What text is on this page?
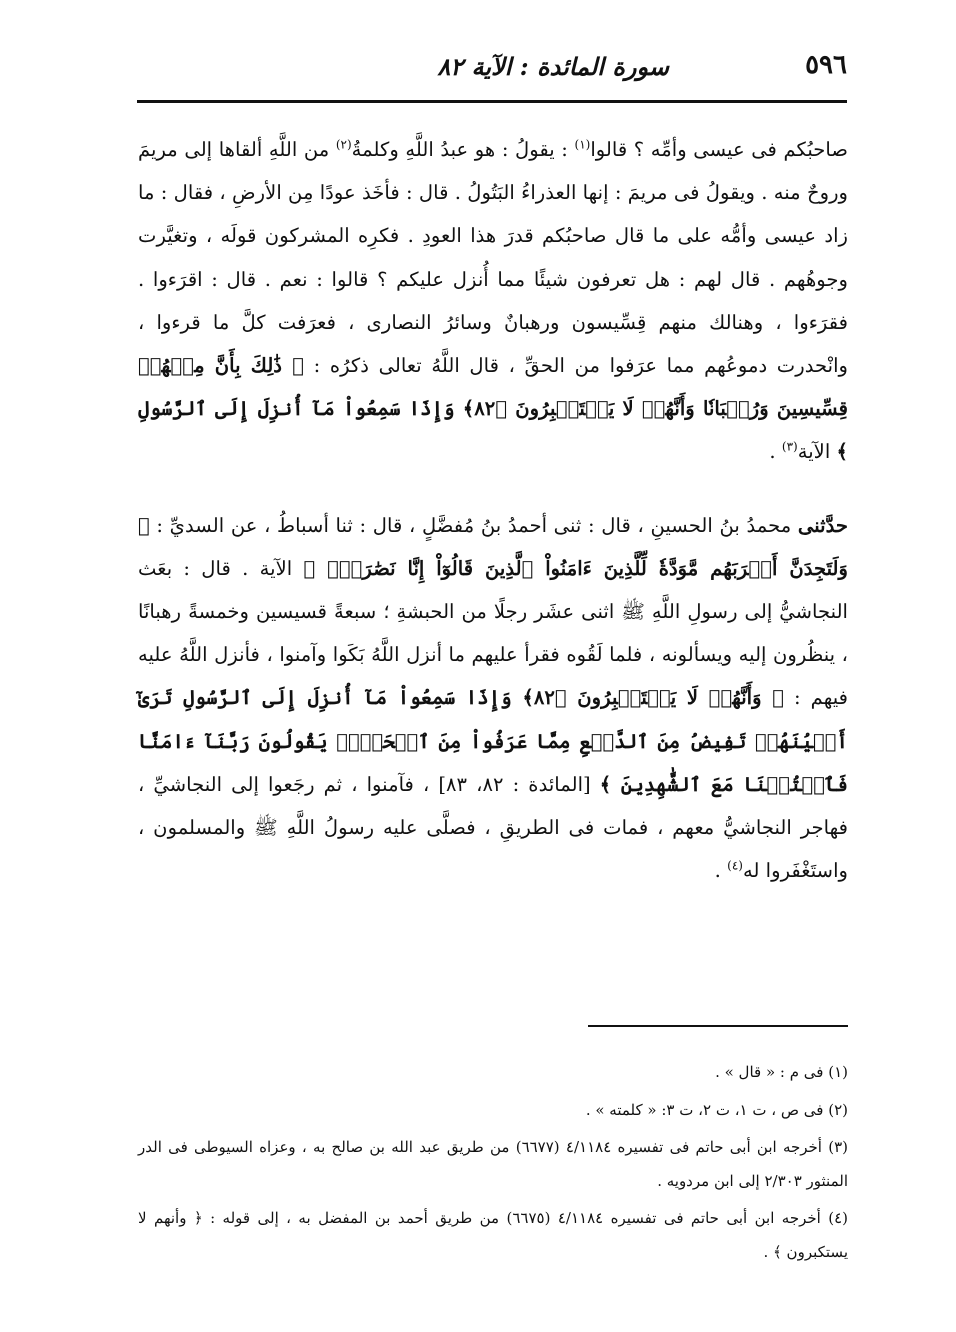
٥٩٦
سورة المائدة : الآية ٨٢

صاحبُكم فى عيسى وأمِّه ؟ قالوا$^{(١)}$ : يقولُ : هو عبدُ اللَّهِ وكلمةُ$^{(٢)}$ من اللَّهِ ألقاها إلى مريمَ وروحٌ منه . ويقولُ فى مريمَ : إنها العذراءُ البَتُولُ . قال : فأخَذ عودًا مِن الأرضِ ، فقال : ما زاد عيسى وأمُّه على ما قال صاحبُكم قدرَ هذا العودِ . فكرِه المشركون قولَه ، وتغيَّرت وجوهُهم . قال لهم : هل تعرفون شيئًا مما أُنزل عليكم ؟ قالوا : نعم . قال : اقرَءوا . فقرَءوا ، وهنالك منهم قِسِّيسون ورهبانٌ وسائرُ النصارى ، فعرَفت كلَّ ما قرءوا ، وانْحدرت دموعُهم مما عرَفوا من الحقِّ ، قال اللَّهُ تعالى ذكرُه : ﴿ ذَٰلِكَ بِأَنَّ مِنۡهُمۡ قِسِّيسِينَ وَرُهۡبَانٗا وَأَنَّهُمۡ لَا يَسۡتَكۡبِرُونَ ﴿٨٢﴾ وَإِذَا سَمِعُواْ مَآ أُنزِلَ إِلَى ٱلرَّسُولِ ﴾ الآية$^{(٣)}$ .

حدَّثنى محمدُ بنُ الحسينِ ، قال : ثنى أحمدُ بنُ مُفضَّلٍ ، قال : ثنا أسباطُ ، عن السديِّ : ﴿ وَلَتَجِدَنَّ أَقۡرَبَهُم مَّوَدَّةٗ لِّلَّذِينَ ءَامَنُواْ ٱلَّذِينَ قَالُوٓاْ إِنَّا نَصَٰرَىٰۚ ﴾ الآية . قال : بعَث النجاشيُّ إلى رسولِ اللَّهِ ﷺ اثنى عشَر رجلًا من الحبشةِ ؛ سبعةً قسيسين وخمسةً رهبانًا ، ينظُرون إليه ويسألونه ، فلما لَقُوه فقرأ عليهم ما أنزل اللَّهُ بَكَوا وآمنوا ، فأنزل اللَّهُ عليه فيهم : ﴿ وَأَنَّهُمۡ لَا يَسۡتَكۡبِرُونَ ﴿٨٢﴾ وَإِذَا سَمِعُواْ مَآ أُنزِلَ إِلَى ٱلرَّسُولِ تَرَىٰٓ أَعۡيُنَهُمۡ تَفِيضُ مِنَ ٱلدَّمۡعِ مِمَّا عَرَفُواْ مِنَ ٱلۡحَقِّۖ يَقُولُونَ رَبَّنَآ ءَامَنَّا فَٱكۡتُبۡنَا مَعَ ٱلشَّٰهِدِينَ ﴾ [المائدة : ٨٢، ٨٣] ، فآمنوا ، ثم رجَعوا إلى النجاشيِّ ، فهاجر النجاشيُّ معهم ، فمات فى الطريقِ ، فصلَّى عليه رسولُ اللَّهِ ﷺ والمسلمون ، واستَغْفَروا له$^{(٤)}$ .

(١) فى م : « قال » .

(٢) فى ص ، ت ١، ت ٢، ت ٣: « كلمته » .

(٣) أخرجه ابن أبى حاتم فى تفسيره ٤/١١٨٤ (٦٦٧٧) من طريق عبد الله بن صالح به ، وعزاه السيوطى فى الدر المنثور ٢/٣٠٣ إلى ابن مردويه .

(٤) أخرجه ابن أبى حاتم فى تفسيره ٤/١١٨٤ (٦٦٧٥) من طريق أحمد بن المفضل به ، إلى قوله : ﴿ وأنهم لا يستكبرون ﴾ .
